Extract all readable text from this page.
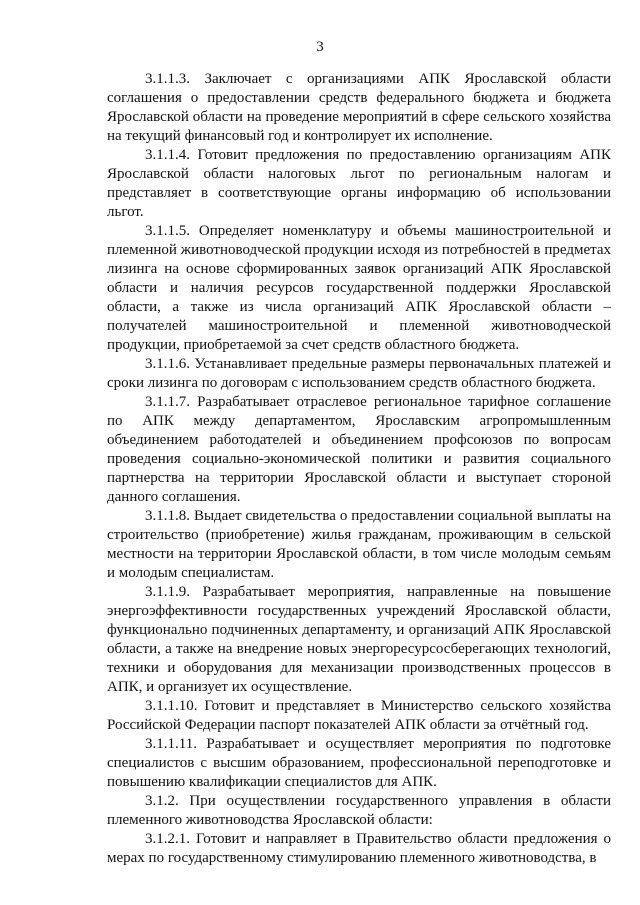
3

3.1.1.3. Заключает с организациями АПК Ярославской области соглашения о предоставлении средств федерального бюджета и бюджета Ярославской области на проведение мероприятий в сфере сельского хозяйства на текущий финансовый год и контролирует их исполнение.

3.1.1.4. Готовит предложения по предоставлению организациям АПК Ярославской области налоговых льгот по региональным налогам и представляет в соответствующие органы информацию об использовании льгот.

3.1.1.5. Определяет номенклатуру и объемы машиностроительной и племенной животноводческой продукции исходя из потребностей в предметах лизинга на основе сформированных заявок организаций АПК Ярославской области и наличия ресурсов государственной поддержки Ярославской области, а также из числа организаций АПК Ярославской области – получателей машиностроительной и племенной животноводческой продукции, приобретаемой за счет средств областного бюджета.

3.1.1.6. Устанавливает предельные размеры первоначальных платежей и сроки лизинга по договорам с использованием средств областного бюджета.

3.1.1.7. Разрабатывает отраслевое региональное тарифное соглашение по АПК между департаментом, Ярославским агропромышленным объединением работодателей и объединением профсоюзов по вопросам проведения социально-экономической политики и развития социального партнерства на территории Ярославской области и выступает стороной данного соглашения.

3.1.1.8. Выдает свидетельства о предоставлении социальной выплаты на строительство (приобретение) жилья гражданам, проживающим в сельской местности на территории Ярославской области, в том числе молодым семьям и молодым специалистам.

3.1.1.9. Разрабатывает мероприятия, направленные на повышение энергоэффективности государственных учреждений Ярославской области, функционально подчиненных департаменту, и организаций АПК Ярославской области, а также на внедрение новых энергоресурсосберегающих технологий, техники и оборудования для механизации производственных процессов в АПК, и организует их осуществление.

3.1.1.10. Готовит и представляет в Министерство сельского хозяйства Российской Федерации паспорт показателей АПК области за отчётный год.

3.1.1.11. Разрабатывает и осуществляет мероприятия по подготовке специалистов с высшим образованием, профессиональной переподготовке и повышению квалификации специалистов для АПК.

3.1.2. При осуществлении государственного управления в области племенного животноводства Ярославской области:

3.1.2.1. Готовит и направляет в Правительство области предложения о мерах по государственному стимулированию племенного животноводства, в
